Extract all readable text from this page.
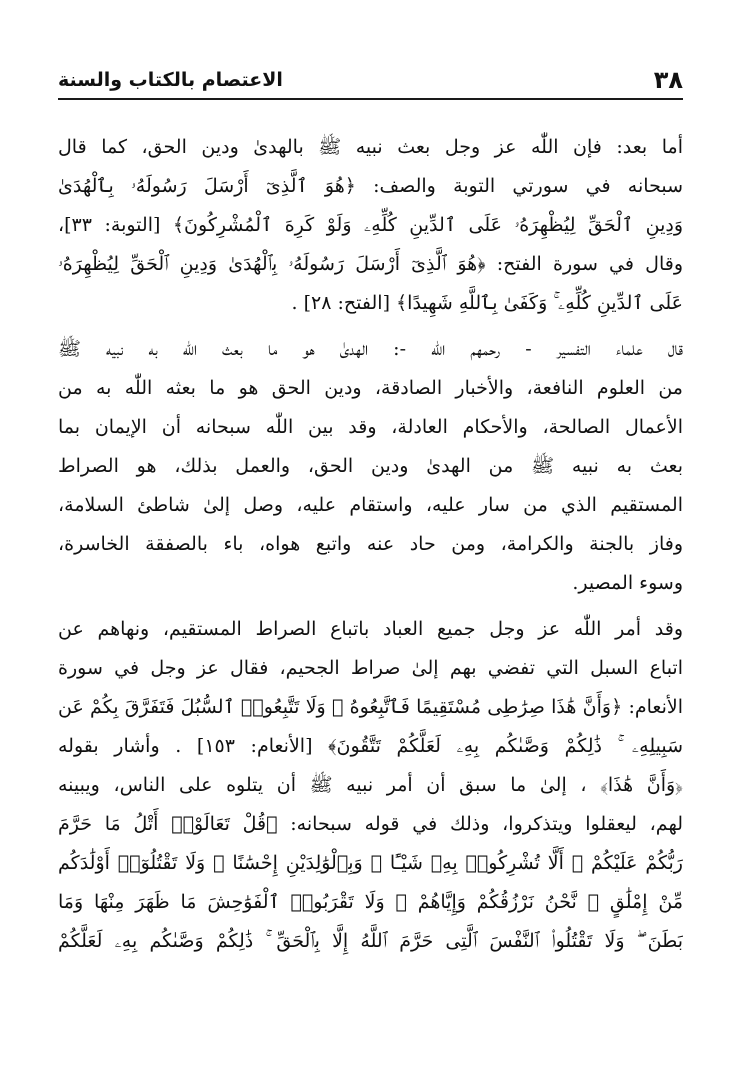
٣٨
الاعتصام بالكتاب والسنة

أما بعد: فإن اللّٰه عز وجل بعث نبيه ﷺ بالهدىٰ ودين الحق، كما قال
سبحانه في سورتي التوبة والصف: ﴿هُوَ ٱلَّذِىٓ أَرْسَلَ رَسُولَهُۥ بِٱلْهُدَىٰ
وَدِينِ ٱلْحَقِّ لِيُظْهِرَهُۥ عَلَى ٱلدِّينِ كُلِّهِۦ وَلَوْ كَرِهَ ٱلْمُشْرِكُونَ﴾ [التوبة: ٣٣]،
وقال في سورة الفتح: ﴿هُوَ ٱلَّذِىٓ أَرْسَلَ رَسُولَهُۥ بِٱلْهُدَىٰ وَدِينِ ٱلْحَقِّ لِيُظْهِرَهُۥ
عَلَى ٱلدِّينِ كُلِّهِۦ ۚ وَكَفَىٰ بِٱللَّهِ شَهِيدًا﴾ [الفتح: ٢٨] .

قال علماء التفسير - رحمهم اللّٰه -: الهدىٰ هو ما بعث اللّٰه به نبيه ﷺ
من العلوم النافعة، والأخبار الصادقة، ودين الحق هو ما بعثه اللّٰه به من
الأعمال الصالحة، والأحكام العادلة، وقد بين اللّٰه سبحانه أن الإيمان بما
بعث به نبيه ﷺ من الهدىٰ ودين الحق، والعمل بذلك، هو الصراط
المستقيم الذي من سار عليه، واستقام عليه، وصل إلىٰ شاطئ السلامة،
وفاز بالجنة والكرامة، ومن حاد عنه واتبع هواه، باء بالصفقة الخاسرة،
وسوء المصير.

وقد أمر اللّٰه عز وجل جميع العباد باتباع الصراط المستقيم، ونهاهم عن
اتباع السبل التي تفضي بهم إلىٰ صراط الجحيم، فقال عز وجل في سورة
الأنعام: ﴿وَأَنَّ هَٰذَا صِرَٰطِى مُسْتَقِيمًا فَٱتَّبِعُوهُ ۖ وَلَا تَتَّبِعُوا۟ ٱلسُّبُلَ فَتَفَرَّقَ بِكُمْ عَن
سَبِيلِهِۦ ۚ ذَٰلِكُمْ وَصَّىٰكُم بِهِۦ لَعَلَّكُمْ تَتَّقُونَ﴾ [الأنعام: ١٥٣] . وأشار بقوله
﴿وَأَنَّ هَٰذَا﴾ ، إلىٰ ما سبق أن أمر نبيه ﷺ أن يتلوه على الناس، ويبينه
لهم، ليعقلوا ويتذكروا، وذلك في قوله سبحانه: ﴿قُلْ تَعَالَوْا۟ أَتْلُ مَا حَرَّمَ
رَبُّكُمْ عَلَيْكُمْ ۖ أَلَّا تُشْرِكُوا۟ بِهِۦ شَيْـًٔا ۖ وَبِٱلْوَٰلِدَيْنِ إِحْسَٰنًا ۖ وَلَا تَقْتُلُوٓا۟ أَوْلَٰدَكُم
مِّنْ إِمْلَٰقٍ ۖ نَّحْنُ نَرْزُقُكُمْ وَإِيَّاهُمْ ۖ وَلَا تَقْرَبُوا۟ ٱلْفَوَٰحِشَ مَا ظَهَرَ مِنْهَا وَمَا
بَطَنَ ۖ وَلَا تَقْتُلُوا۟ ٱلنَّفْسَ ٱلَّتِى حَرَّمَ ٱللَّهُ إِلَّا بِٱلْحَقِّ ۚ ذَٰلِكُمْ وَصَّىٰكُم بِهِۦ لَعَلَّكُمْ
